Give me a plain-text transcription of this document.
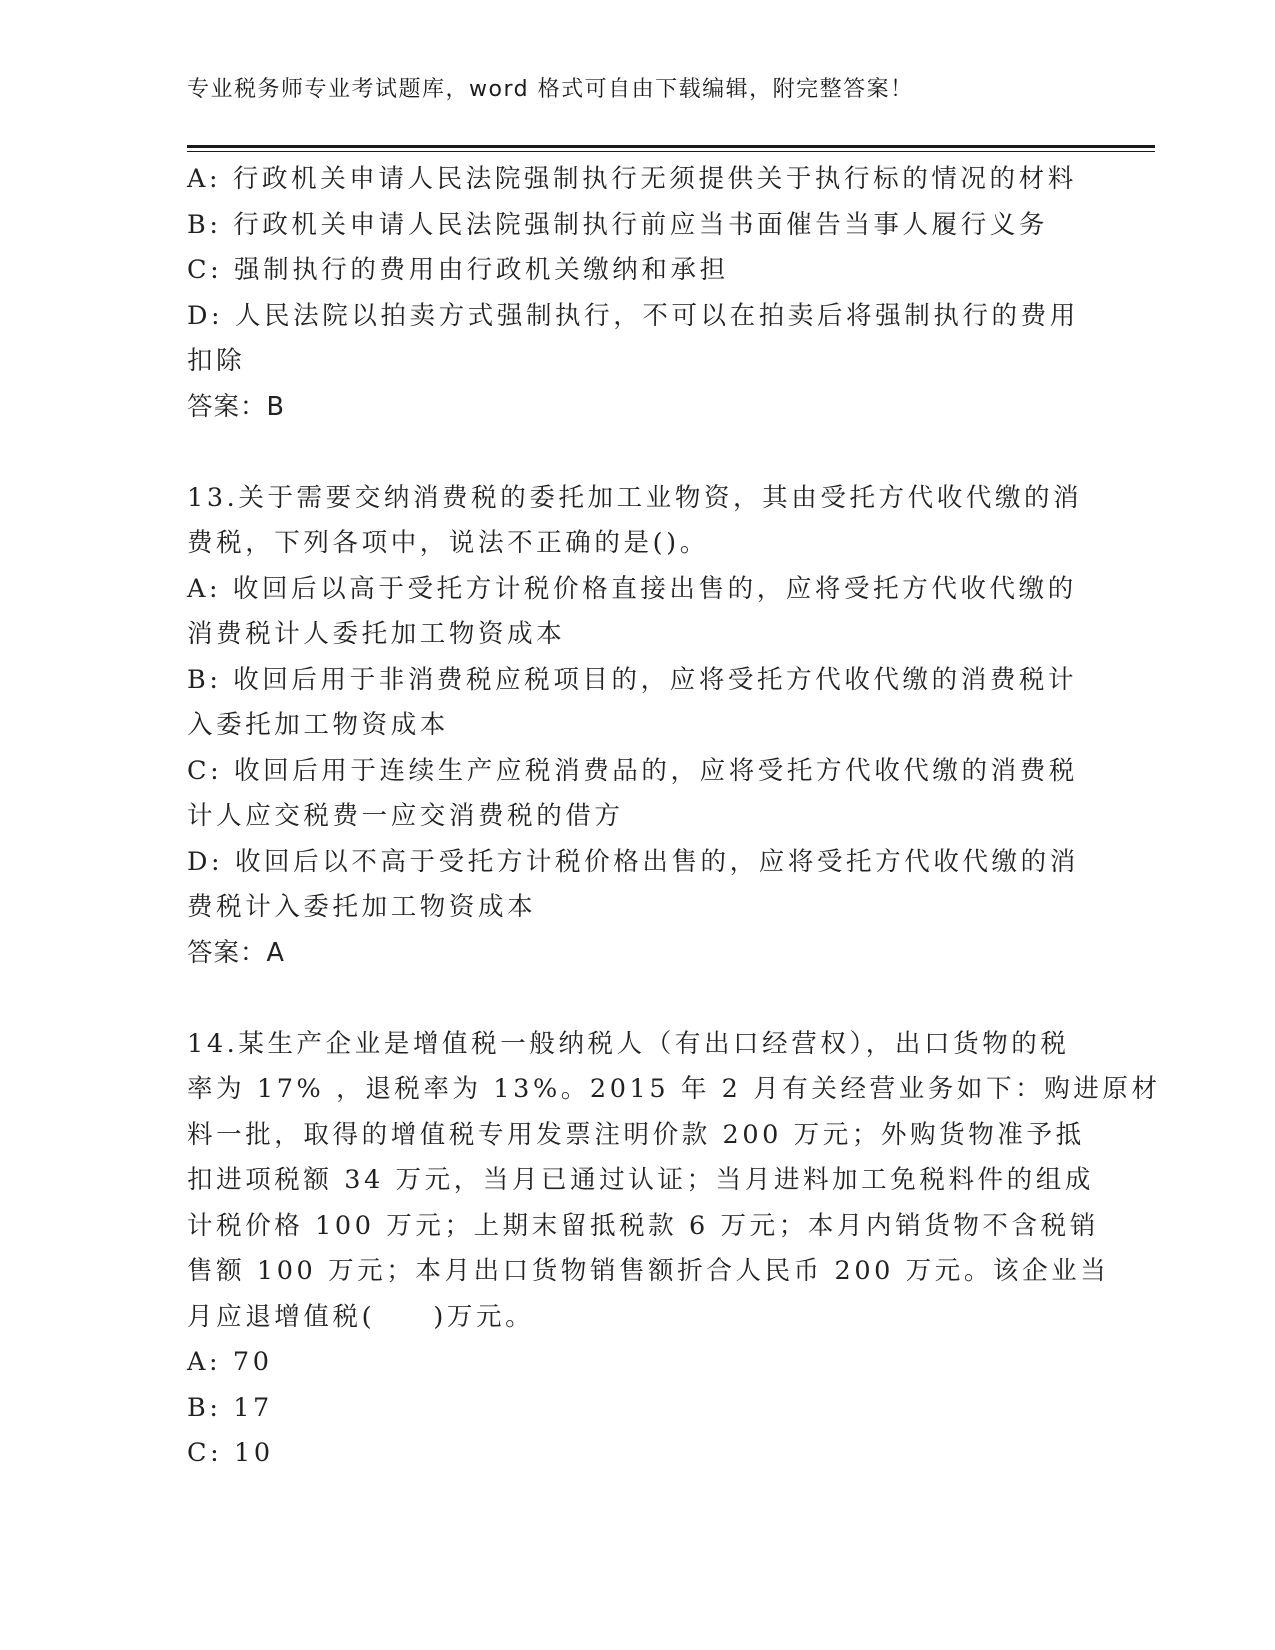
专业税务师专业考试题库，word 格式可自由下载编辑，附完整答案！
A: 行政机关申请人民法院强制执行无须提供关于执行标的情况的材料
B: 行政机关申请人民法院强制执行前应当书面催告当事人履行义务
C: 强制执行的费用由行政机关缴纳和承担
D: 人民法院以拍卖方式强制执行，不可以在拍卖后将强制执行的费用
扣除
答案：B
13.关于需要交纳消费税的委托加工业物资，其由受托方代收代缴的消
费税，下列各项中，说法不正确的是()。
A: 收回后以高于受托方计税价格直接出售的，应将受托方代收代缴的
消费税计人委托加工物资成本
B: 收回后用于非消费税应税项目的，应将受托方代收代缴的消费税计
入委托加工物资成本
C: 收回后用于连续生产应税消费品的，应将受托方代收代缴的消费税
计人应交税费一应交消费税的借方
D: 收回后以不高于受托方计税价格出售的，应将受托方代收代缴的消
费税计入委托加工物资成本
答案：A
14.某生产企业是增值税一般纳税人（有出口经营权），出口货物的税
率为 17% ，退税率为 13%。2015 年 2 月有关经营业务如下：购进原材
料一批，取得的增值税专用发票注明价款 200 万元；外购货物准予抵
扣进项税额 34 万元，当月已通过认证；当月进料加工免税料件的组成
计税价格 100 万元；上期末留抵税款 6 万元；本月内销货物不含税销
售额 100 万元；本月出口货物销售额折合人民币 200 万元。该企业当
月应退增值税(　　)万元。
A: 70
B: 17
C: 10
